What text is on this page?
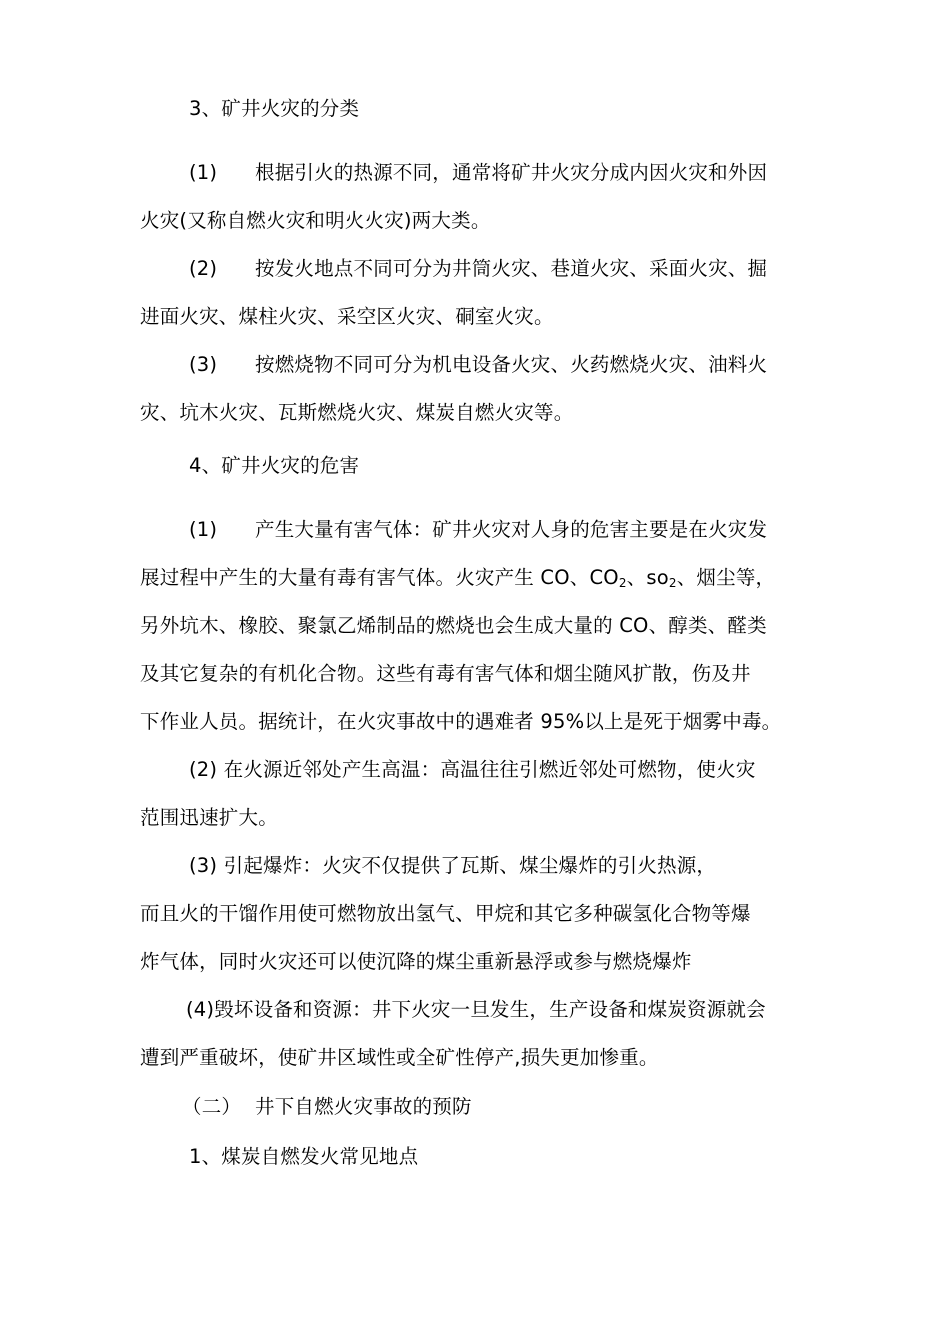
3、矿井火灾的分类
(1) 根据引火的热源不同，通常将矿井火灾分成内因火灾和外因
火灾(又称自燃火灾和明火火灾)两大类。
(2) 按发火地点不同可分为井筒火灾、巷道火灾、采面火灾、掘
进面火灾、煤柱火灾、采空区火灾、硐室火灾。
(3) 按燃烧物不同可分为机电设备火灾、火药燃烧火灾、油料火
灾、坑木火灾、瓦斯燃烧火灾、煤炭自燃火灾等。
4、矿井火灾的危害
(1) 产生大量有害气体：矿井火灾对人身的危害主要是在火灾发
展过程中产生的大量有毒有害气体。火灾产生 CO、$CO_2$、$so_2$、烟尘等，
另外坑木、橡胶、聚氯乙烯制品的燃烧也会生成大量的 CO、醇类、醛类
及其它复杂的有机化合物。这些有毒有害气体和烟尘随风扩散，伤及井
下作业人员。据统计，在火灾事故中的遇难者 95%以上是死于烟雾中毒。
(2) 在火源近邻处产生高温：高温往往引燃近邻处可燃物，使火灾
范围迅速扩大。
(3) 引起爆炸：火灾不仅提供了瓦斯、煤尘爆炸的引火热源，
而且火的干馏作用使可燃物放出氢气、甲烷和其它多种碳氢化合物等爆
炸气体，同时火灾还可以使沉降的煤尘重新悬浮或参与燃烧爆炸
(4)毁坏设备和资源：井下火灾一旦发生，生产设备和煤炭资源就会
遭到严重破坏，使矿井区域性或全矿性停产,损失更加惨重。
（二） 井下自燃火灾事故的预防
1、煤炭自燃发火常见地点
